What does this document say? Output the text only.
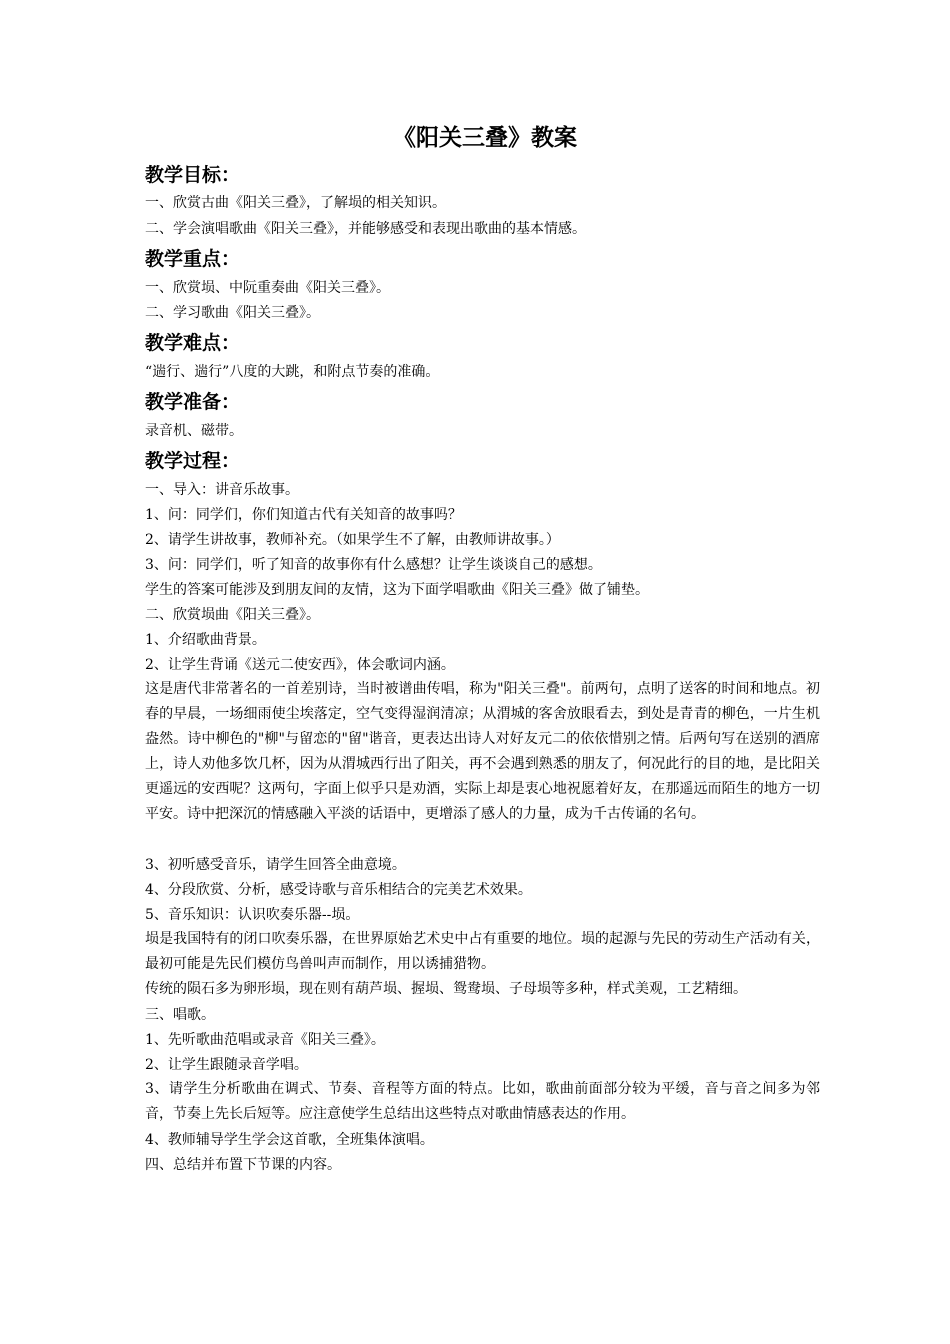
《阳关三叠》教案
教学目标：
一、欣赏古曲《阳关三叠》，了解埙的相关知识。
二、学会演唱歌曲《阳关三叠》，并能够感受和表现出歌曲的基本情感。
教学重点：
一、欣赏埙、中阮重奏曲《阳关三叠》。
二、学习歌曲《阳关三叠》。
教学难点：
“遄行、遄行”八度的大跳，和附点节奏的准确。
教学准备：
录音机、磁带。
教学过程：
一、导入：讲音乐故事。
1、问：同学们，你们知道古代有关知音的故事吗？
2、请学生讲故事，教师补充。（如果学生不了解，由教师讲故事。）
3、问：同学们，听了知音的故事你有什么感想？让学生谈谈自己的感想。
学生的答案可能涉及到朋友间的友情，这为下面学唱歌曲《阳关三叠》做了铺垫。
二、欣赏埙曲《阳关三叠》。
1、介绍歌曲背景。
2、让学生背诵《送元二使安西》，体会歌词内涵。
这是唐代非常著名的一首差别诗，当时被谱曲传唱，称为"阳关三叠"。前两句，点明了送客的时间和地点。初春的早晨，一场细雨使尘埃落定，空气变得湿润清凉；从渭城的客舍放眼看去，到处是青青的柳色，一片生机盎然。诗中柳色的"柳"与留恋的"留"谐音，更表达出诗人对好友元二的依依惜别之情。后两句写在送别的酒席上，诗人劝他多饮几杯，因为从渭城西行出了阳关，再不会遇到熟悉的朋友了，何况此行的目的地，是比阳关更遥远的安西呢？这两句，字面上似乎只是劝酒，实际上却是衷心地祝愿着好友，在那遥远而陌生的地方一切平安。诗中把深沉的情感融入平淡的话语中，更增添了感人的力量，成为千古传诵的名句。
3、初听感受音乐，请学生回答全曲意境。
4、分段欣赏、分析，感受诗歌与音乐相结合的完美艺术效果。
5、音乐知识：认识吹奏乐器--埙。
埙是我国特有的闭口吹奏乐器，在世界原始艺术史中占有重要的地位。埙的起源与先民的劳动生产活动有关，最初可能是先民们模仿鸟兽叫声而制作，用以诱捕猎物。
传统的陨石多为卵形埙，现在则有葫芦埙、握埙、鸳鸯埙、子母埙等多种，样式美观，工艺精细。
三、唱歌。
1、先听歌曲范唱或录音《阳关三叠》。
2、让学生跟随录音学唱。
3、请学生分析歌曲在调式、节奏、音程等方面的特点。比如，歌曲前面部分较为平缓，音与音之间多为邻音，节奏上先长后短等。应注意使学生总结出这些特点对歌曲情感表达的作用。
4、教师辅导学生学会这首歌，全班集体演唱。
四、总结并布置下节课的内容。
